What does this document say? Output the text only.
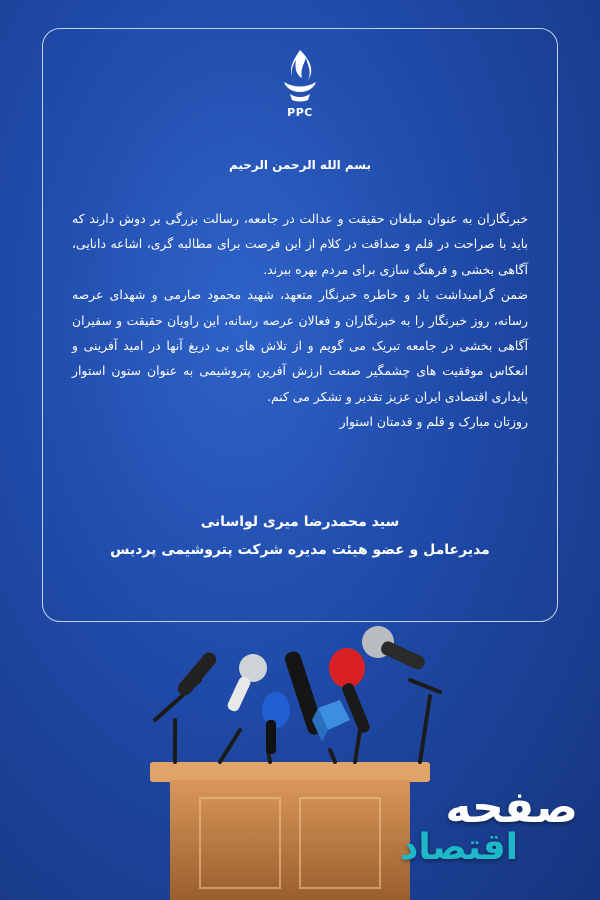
PPC
بسم الله الرحمن الرحیم

خبرنگاران به عنوان مبلغان حقیقت و عدالت در جامعه، رسالت بزرگی بر دوش دارند که باید با صراحت در قلم و صداقت در کلام از این فرصت برای مطالبه گری، اشاعه دانایی، آگاهی بخشی و فرهنگ سازی برای مردم بهره ببرند.

ضمن گرامیداشت یاد و خاطره خبرنگار متعهد، شهید محمود صارمی و شهدای عرصه رسانه، روز خبرنگار را به خبرنگاران و فعالان عرصه رسانه، این راویان حقیقت و سفیران آگاهی بخشی در جامعه تبریک می گویم و از تلاش های بی دریغ آنها در امید آفرینی و انعکاس موفقیت های چشمگیر صنعت ارزش آفرین پتروشیمی به عنوان ستون استوار پایداری اقتصادی ایران عزیز تقدیر و تشکر می کنم.

روزتان مبارک و قلم و قدمتان استوار

سید محمدرضا میری لواسانی
مدیرعامل و عضو هیئت مدیره شرکت پتروشیمی پردیس
صفحه
اقتصاد
